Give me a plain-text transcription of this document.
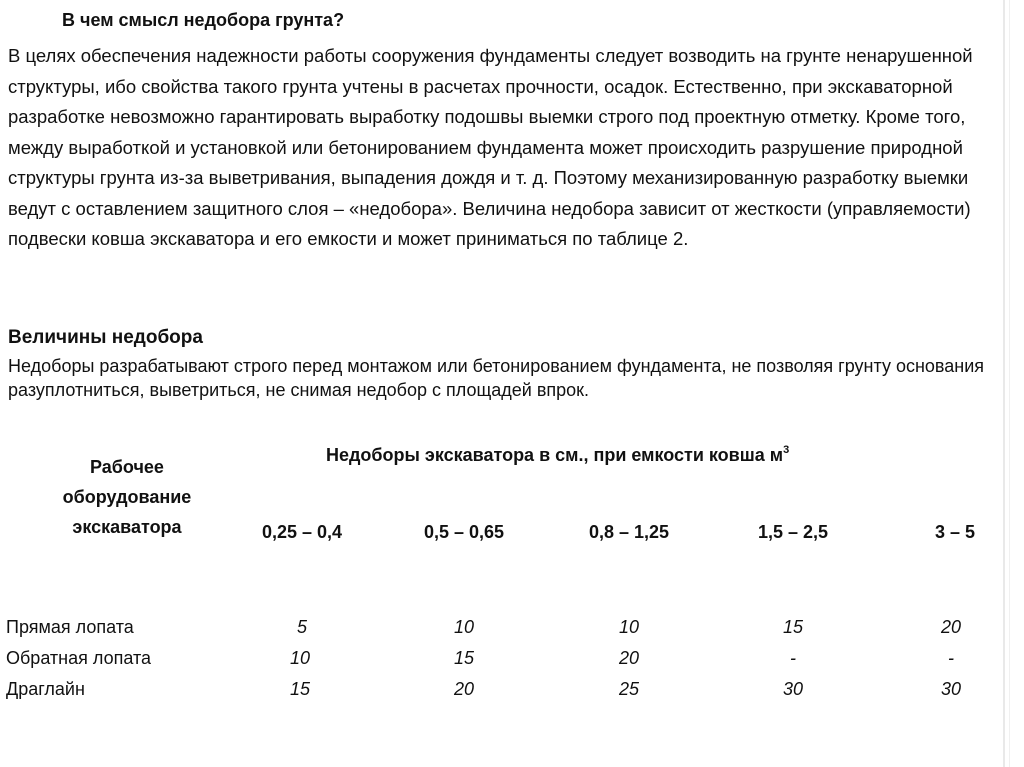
В чем смысл недобора грунта?

В целях обеспечения надежности работы сооружения фундаменты следует возводить на грунте ненарушенной структуры, ибо свойства такого грунта учтены в расчетах прочности, осадок. Естественно, при экскаваторной разработке невозможно гарантировать выработку подошвы выемки строго под проектную отметку. Кроме того, между выработкой и установкой или бетонированием фундамента может происходить разрушение природной структуры грунта из-за выветривания, выпадения дождя и т. д. Поэтому механизированную разработку выемки ведут с оставлением защитного слоя – «недобора». Величина недобора зависит от жесткости (управляемости) подвески ковша экскаватора и его емкости и может приниматься по таблице 2.

Величины недобора

Недоборы разрабатывают строго перед монтажом или бетонированием фундамента, не позволяя грунту основания разуплотниться, выветриться, не снимая недобор с площадей впрок.

Рабочее
оборудование
экскаватора
Недоборы экскаватора в см., при емкости ковша $м^3$
0,25 – 0,4	0,5 – 0,65	0,8 – 1,25	1,5 – 2,5	3 – 5
Прямая лопата	5	10	10	15	20
Обратная лопата	10	15	20	-	-
Драглайн	15	20	25	30	30
